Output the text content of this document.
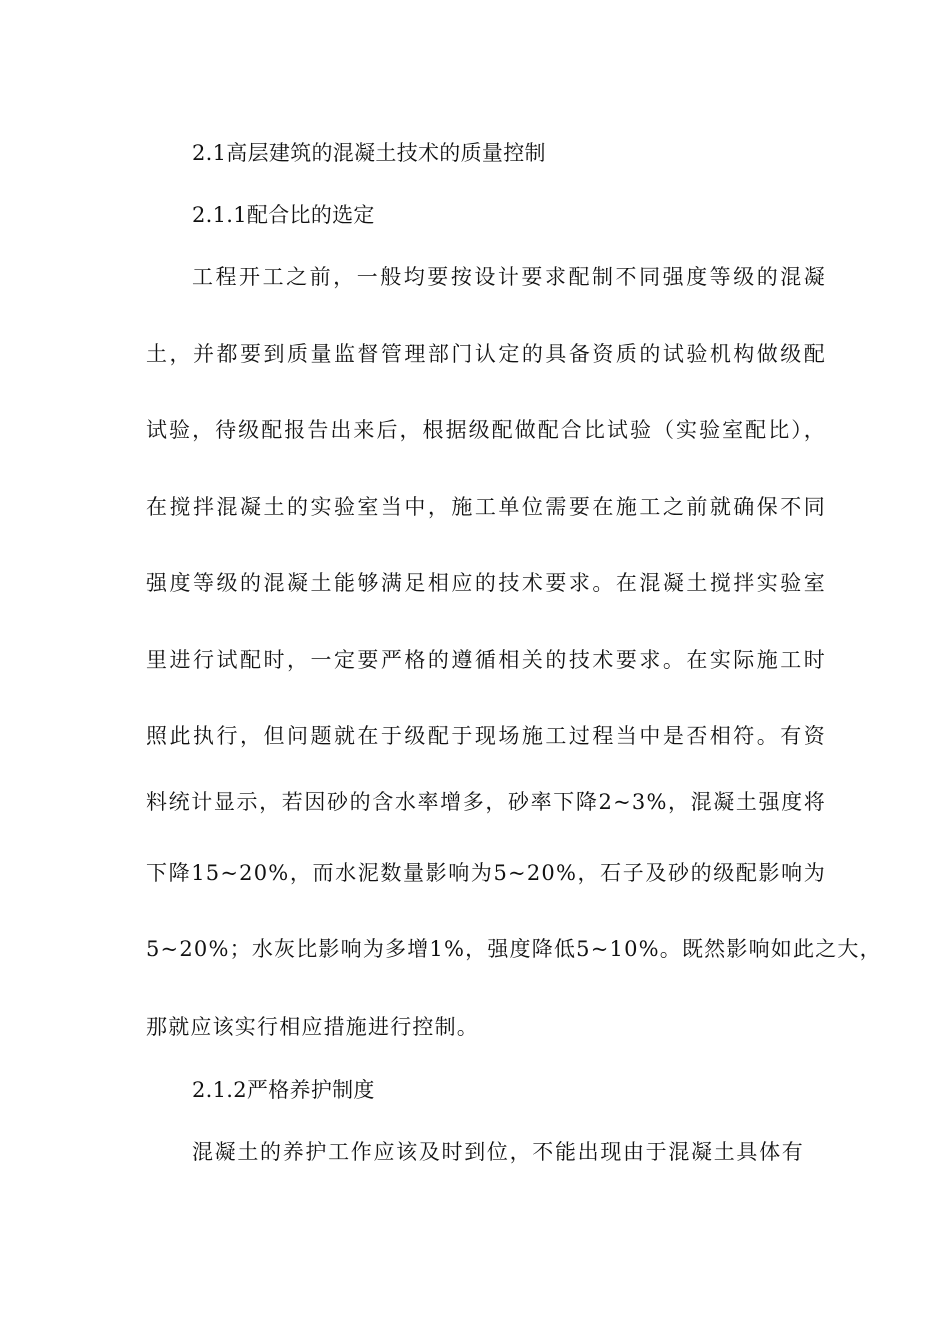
2.1高层建筑的混凝土技术的质量控制
2.1.1配合比的选定
工程开工之前，一般均要按设计要求配制不同强度等级的混凝
土，并都要到质量监督管理部门认定的具备资质的试验机构做级配
试验，待级配报告出来后，根据级配做配合比试验（实验室配比），
在搅拌混凝土的实验室当中，施工单位需要在施工之前就确保不同
强度等级的混凝土能够满足相应的技术要求。在混凝土搅拌实验室
里进行试配时，一定要严格的遵循相关的技术要求。在实际施工时
照此执行，但问题就在于级配于现场施工过程当中是否相符。有资
料统计显示，若因砂的含水率增多，砂率下降2~3%，混凝土强度将
下降15~20%，而水泥数量影响为5~20%，石子及砂的级配影响为
5~20%；水灰比影响为多增1%，强度降低5~10%。既然影响如此之大，
那就应该实行相应措施进行控制。
2.1.2严格养护制度
混凝土的养护工作应该及时到位，不能出现由于混凝土具体有
